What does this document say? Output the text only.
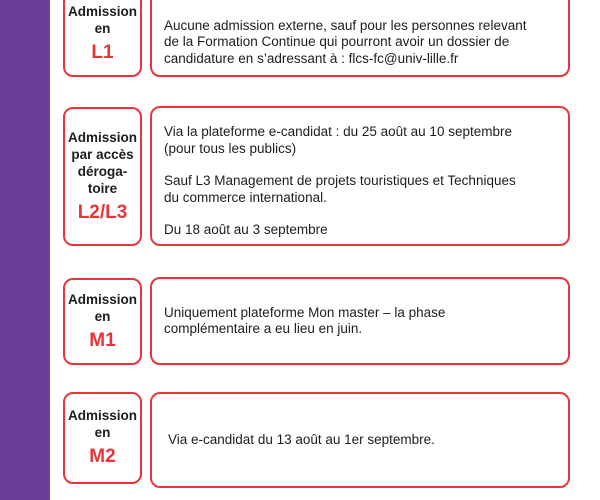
Admission
en
L1

Aucune admission externe, sauf pour les personnes relevant

de la Formation Continue qui pourront avoir un dossier de

candidature en s’adressant à : flcs-fc@univ-lille.fr

Admission
par accès
déroga-
toire
L2/L3

Via la plateforme e-candidat : du 25 août au 10 septembre

(pour tous les publics)

Sauf L3 Management de projets touristiques et Techniques

du commerce international.

Du 18 août au 3 septembre

Admission
en
M1

Uniquement plateforme Mon master – la phase

complémentaire a eu lieu en juin.

Admission
en
M2

Via e-candidat du 13 août au 1er septembre.
